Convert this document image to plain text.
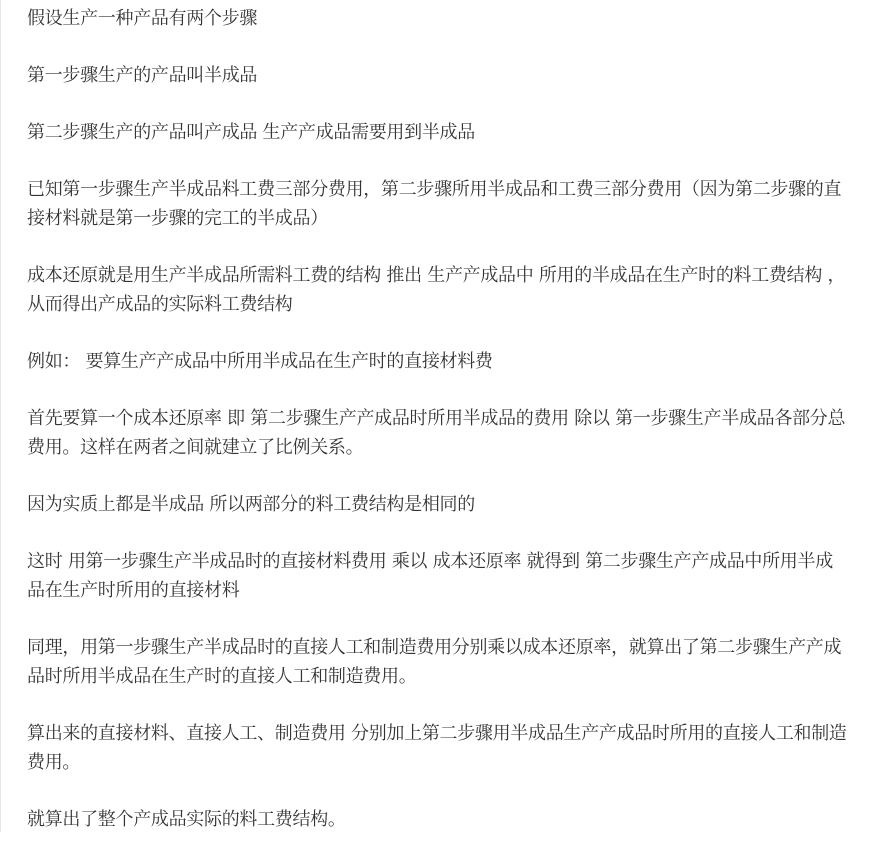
假设生产一种产品有两个步骤

第一步骤生产的产品叫半成品

第二步骤生产的产品叫产成品 生产产成品需要用到半成品

已知第一步骤生产半成品料工费三部分费用，第二步骤所用半成品和工费三部分费用（因为第二步骤的直接材料就是第一步骤的完工的半成品）

成本还原就是用生产半成品所需料工费的结构 推出 生产产成品中 所用的半成品在生产时的料工费结构 ，从而得出产成品的实际料工费结构

例如： 要算生产产成品中所用半成品在生产时的直接材料费

首先要算一个成本还原率 即 第二步骤生产产成品时所用半成品的费用 除以 第一步骤生产半成品各部分总费用。这样在两者之间就建立了比例关系。

因为实质上都是半成品 所以两部分的料工费结构是相同的

这时 用第一步骤生产半成品时的直接材料费用 乘以 成本还原率 就得到 第二步骤生产产成品中所用半成品在生产时所用的直接材料

同理，用第一步骤生产半成品时的直接人工和制造费用分别乘以成本还原率，就算出了第二步骤生产产成品时所用半成品在生产时的直接人工和制造费用。

算出来的直接材料、直接人工、制造费用 分别加上第二步骤用半成品生产产成品时所用的直接人工和制造费用。

就算出了整个产成品实际的料工费结构。
